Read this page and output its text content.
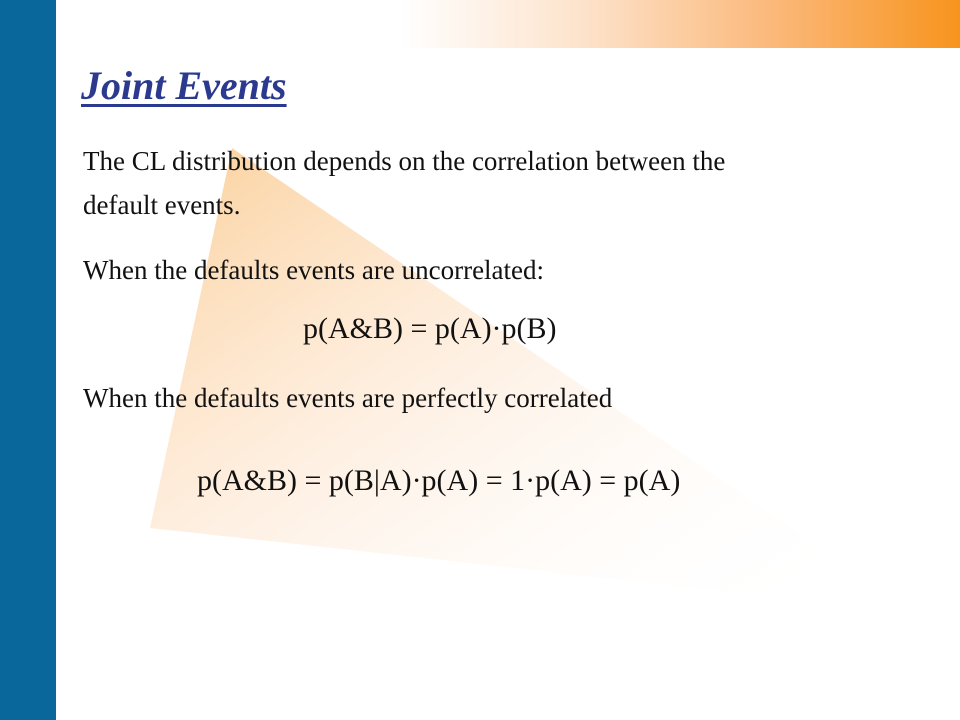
Joint Events

The CL distribution depends on the correlation between the
default events.

When the defaults events are uncorrelated:

p(A&B) = p(A)·p(B)

When the defaults events are perfectly correlated

p(A&B) = p(B|A)·p(A) = 1·p(A) = p(A)
